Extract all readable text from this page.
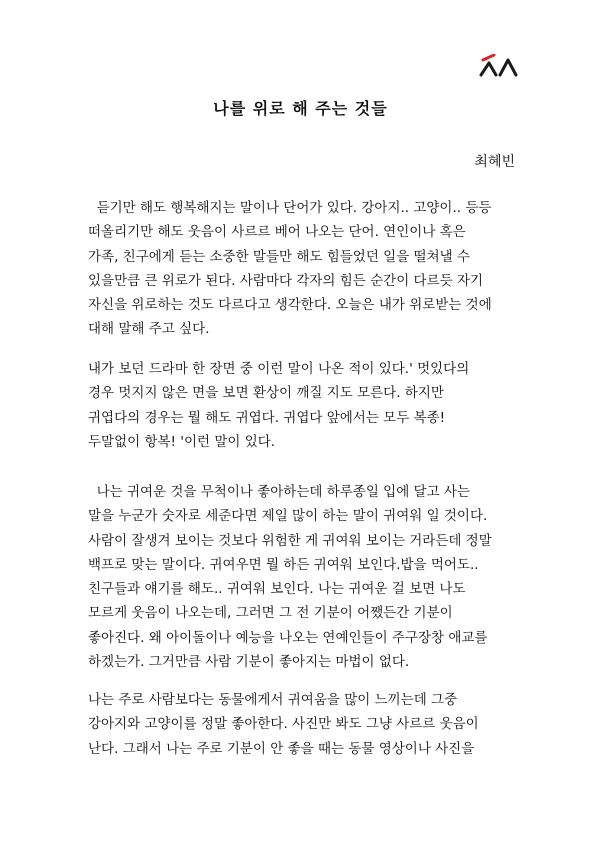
나를 위로 해 주는 것들
최혜빈
듣기만 해도 행복해지는 말이나 단어가 있다. 강아지.. 고양이.. 등등
떠올리기만 해도 웃음이 사르르 베어 나오는 단어. 연인이나 혹은
가족, 친구에게 듣는 소중한 말들만 해도 힘들었던 일을 떨쳐낼 수
있을만큼 큰 위로가 된다. 사람마다 각자의 힘든 순간이 다르듯 자기
자신을 위로하는 것도 다르다고 생각한다. 오늘은 내가 위로받는 것에
대해 말해 주고 싶다.
내가 보던 드라마 한 장면 중 이런 말이 나온 적이 있다.' 멋있다의
경우 멋지지 않은 면을 보면 환상이 깨질 지도 모른다. 하지만
귀엽다의 경우는 뭘 해도 귀엽다. 귀엽다 앞에서는 모두 복종!
두말없이 항복! '이런 말이 있다.
나는 귀여운 것을 무척이나 좋아하는데 하루종일 입에 달고 사는
말을 누군가 숫자로 세준다면 제일 많이 하는 말이 귀여워 일 것이다.
사람이 잘생겨 보이는 것보다 위험한 게 귀여워 보이는 거라든데 정말
백프로 맞는 말이다. 귀여우면 뭘 하든 귀여워 보인다.밥을 먹어도..
친구들과 얘기를 해도.. 귀여워 보인다. 나는 귀여운 걸 보면 나도
모르게 웃음이 나오는데, 그러면 그 전 기분이 어쨌든간 기분이
좋아진다. 왜 아이돌이나 예능을 나오는 연예인들이 주구장창 애교를
하겠는가. 그거만큼 사람 기분이 좋아지는 마법이 없다.
나는 주로 사람보다는 동물에게서 귀여움을 많이 느끼는데 그중
강아지와 고양이를 정말 좋아한다. 사진만 봐도 그냥 사르르 웃음이
난다. 그래서 나는 주로 기분이 안 좋을 때는 동물 영상이나 사진을
